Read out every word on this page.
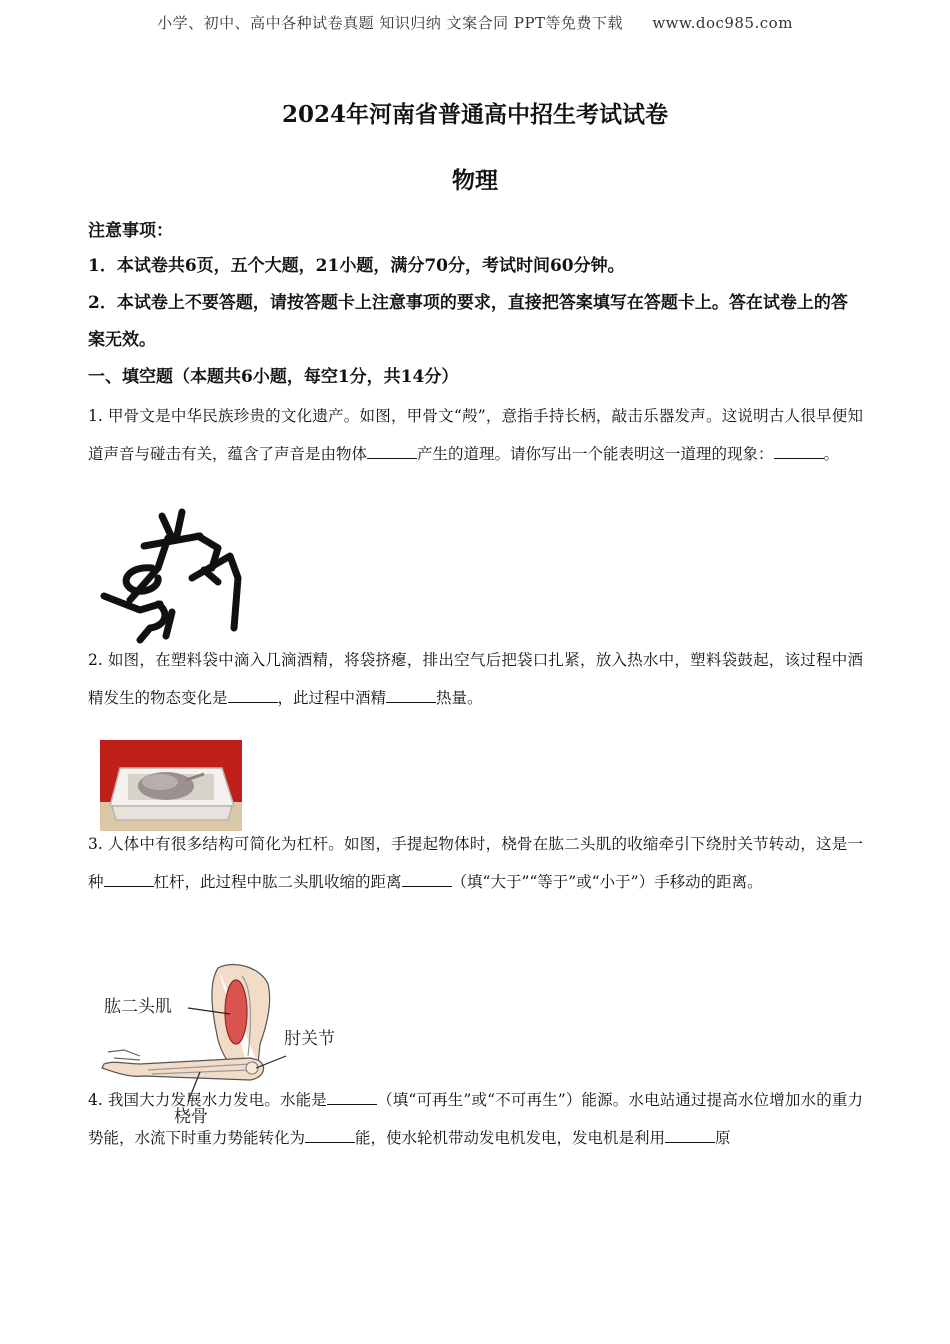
小学、初中、高中各种试卷真题 知识归纳 文案合同 PPT等免费下载 www.doc985.com
2024年河南省普通高中招生考试试卷
物理
注意事项：
1．本试卷共6页，五个大题，21小题，满分70分，考试时间60分钟。
2．本试卷上不要答题，请按答题卡上注意事项的要求，直接把答案填写在答题卡上。答在试卷上的答案无效。
一、填空题（本题共6小题，每空1分，共14分）
1. 甲骨文是中华民族珍贵的文化遗产。如图，甲骨文“殸”，意指手持长柄，敲击乐器发声。这说明古人很早便知道声音与碰击有关，蕴含了声音是由物体	产生的道理。请你写出一个能表明这一道理的现象：	。
2. 如图，在塑料袋中滴入几滴酒精，将袋挤瘪，排出空气后把袋口扎紧，放入热水中，塑料袋鼓起，该过程中酒精发生的物态变化是	，此过程中酒精	热量。
3. 人体中有很多结构可简化为杠杆。如图，手提起物体时，桡骨在肱二头肌的收缩牵引下绕肘关节转动，这是一种	杠杆，此过程中肱二头肌收缩的距离	（填“大于”“等于”或“小于”）手移动的距离。
4. 我国大力发展水力发电。水能是	（填“可再生”或“不可再生”）能源。水电站通过提高水位增加水的重力势能，水流下时重力势能转化为	能，使水轮机带动发电机发电，发电机是利用	原
肱二头肌
肘关节
桡骨
